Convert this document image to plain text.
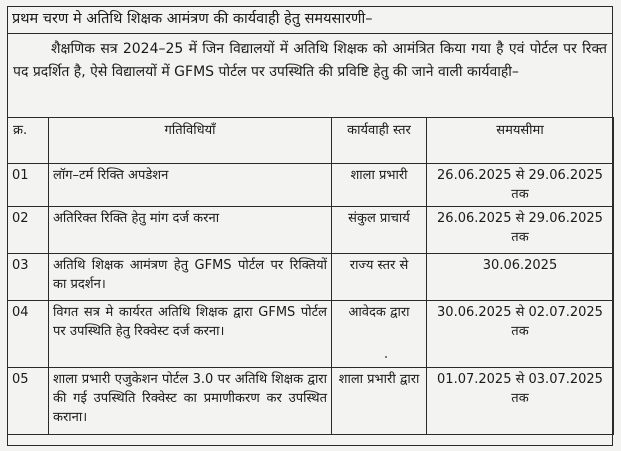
प्रथम चरण मे अतिथि शिक्षक आमंत्रण की कार्यवाही हेतु समयसारणी–
शैक्षणिक सत्र 2024–25 में जिन विद्यालयों में अतिथि शिक्षक को आमंत्रित किया गया है एवं पोर्टल पर रिक्त पद प्रदर्शित है, ऐसे विद्यालयों में GFMS पोर्टल पर उपस्थिति की प्रविष्टि हेतु की जाने वाली कार्यवाही–
क्र.	गतिविधियाँ	कार्यवाही स्तर	समयसीमा
01	लॉग–टर्म रिक्ति अपडेशन	शाला प्रभारी	26.06.2025 से 29.06.2025 तक
02	अतिरिक्त रिक्ति हेतु मांग दर्ज करना	संकुल प्राचार्य	26.06.2025 से 29.06.2025 तक
03	अतिथि शिक्षक आमंत्रण हेतु GFMS पोर्टल पर रिक्तियों का प्रदर्शन।	राज्य स्तर से	30.06.2025
04	विगत सत्र मे कार्यरत अतिथि शिक्षक द्वारा GFMS पोर्टल पर उपस्थिति हेतु रिक्वेस्ट दर्ज करना।	आवेदक द्वारा	30.06.2025 से 02.07.2025 तक
05	शाला प्रभारी एजुकेशन पोर्टल 3.0 पर अतिथि शिक्षक द्वारा की गई उपस्थिति रिक्वेस्ट का प्रमाणीकरण कर उपस्थित कराना।	शाला प्रभारी द्वारा	01.07.2025 से 03.07.2025 तक
